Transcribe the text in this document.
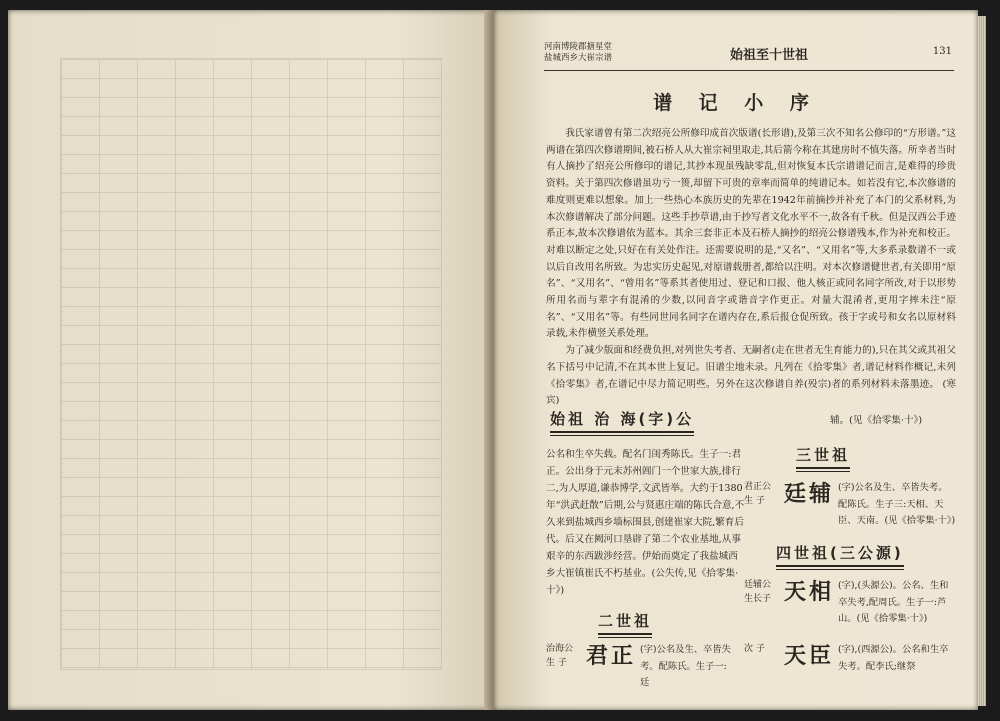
河南博陵郡搪星堂
盐城西乡大崔宗谱	始祖至十世祖	131
谱 记 小 序

我氏家谱曾有第二次绍亮公所修印成首次版谱(长形谱),及第三次不知名公修印的“方形谱。”这两谱在第四次修谱期间,被石桥人从大崔宗祠里取走,其后箭今称在其建房时不慎失落。所幸者当时有人摘抄了绍亮公所修印的谱记,其抄本现虽残缺零乱,但对恢复本氏宗谱谱记而言,是难得的珍贵资料。关于第四次修谱虽功亏一篑,却留下可贵的章率而简单的纯谱记本。如若没有它,本次修谱的难度则更难以想象。加上一些热心本族历史的先辈在1942年前摘抄并补充了本门的父系材料,为本次修谱解决了部分问题。这些手抄草谱,由于抄写者文化水平不一,故各有千秋。但是汉西公手迹系正本,故本次修谱依为蓝本。其余三套非正本及石桥人摘抄的绍亮公修谱残本,作为补充和校正。对难以断定之处,只好在有关处作注。还需要说明的是,“又名”、“又用名”等,大多系录数谱不一或以后自改用名所致。为忠实历史起见,对原谱载册者,都给以注明。对本次修谱健世者,有关即用“原名”、“又用名”、“曾用名”等系其者使用过、登记和口报、他人核正或同名同字所改,对于以形势所用名而与辈字有混淆的少数,以同音字或谐音字作更正。对量大混淆者,更用字摔未注“原名”、“又用名”等。有些同世同名同字在谱内存在,系后报仓促所致。孩于字或号和女名以原材料录载,未作横竖关系处理。

为了减少版面和经费负担,对列世失考者、无嗣者(走在世者无生育能力的),只在其父或其祖父名下括号中记清,不在其本世上复记。旧谱尘地未录。凡列在《拾零集》者,谱记材料作概记,未列《拾零集》者,在谱记中尽力简记明些。另外在这次修谱自养(殁宗)者的系列材料未落墨迹。 (寒宾)

始祖 治 海(字)公
公名和生卒失载。配名门闺秀陈氏。生子一:君正。公出身于元末苏州阊门一个世家大族,排行二,为人厚道,谦恭博学,文武皆举。大约于1380年“洪武赶散”后期,公与贤惠庄端的陈氏合意,不久来到盐城西乡墙标围县,创建崔家大院,繁育后代。后又在阙河口垦辟了第二个农业基地,从事艰辛的东西跋涉经营。伊始而奠定了我盐城西乡大崔镇崔氏不朽基业。(公失传,见《拾零集·十》)
二世祖
治海公
生 子 君正 (字)公名及生、卒皆失考。配陈氏。生子一:廷
辅。(见《拾零集·十》)
三世祖
君正公
生 子 廷辅 (字)公名及生、卒皆失考。配陈氏。生子三:天相、天臣、天南。(见《拾零集·十》)
四世祖(三公源)
廷辅公
生长子 天相 (字),(头源公)。公名、生和卒失考,配周氏。生子一:芦山。(见《拾零集·十》)
次 子 天臣 (字),(西源公)。公名和生卒失考。配李氏;继祭
